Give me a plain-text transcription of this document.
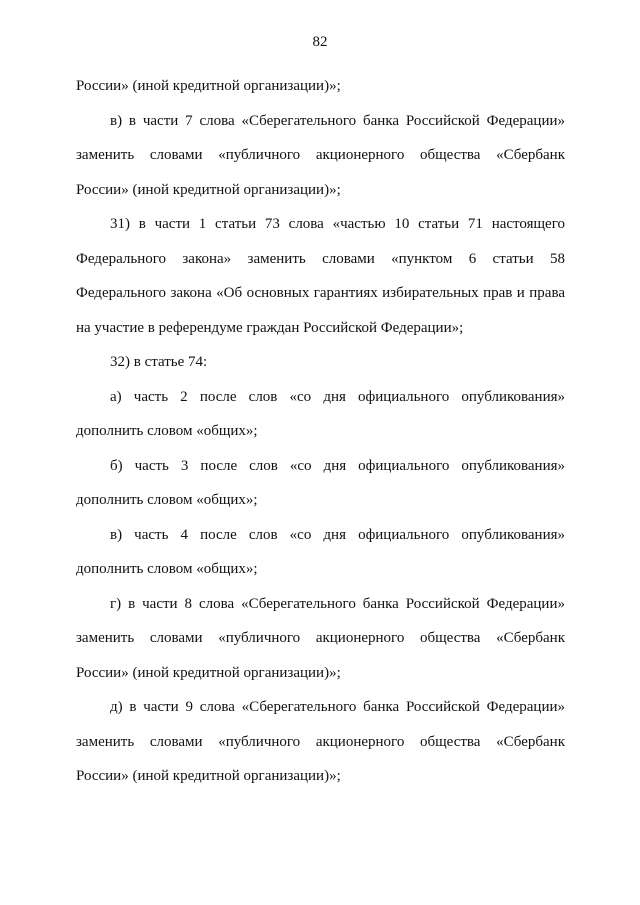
82
России» (иной кредитной организации)»;
в) в части 7 слова «Сберегательного банка Российской Федерации»
заменить словами «публичного акционерного общества «Сбербанк
России» (иной кредитной организации)»;
31) в части 1 статьи 73 слова «частью 10 статьи 71 настоящего
Федерального закона» заменить словами «пунктом 6 статьи 58
Федерального закона «Об основных гарантиях избирательных прав и права
на участие в референдуме граждан Российской Федерации»;
32) в статье 74:
а) часть 2 после слов «со дня официального опубликования»
дополнить словом «общих»;
б) часть 3 после слов «со дня официального опубликования»
дополнить словом «общих»;
в) часть 4 после слов «со дня официального опубликования»
дополнить словом «общих»;
г) в части 8 слова «Сберегательного банка Российской Федерации»
заменить словами «публичного акционерного общества «Сбербанк
России» (иной кредитной организации)»;
д) в части 9 слова «Сберегательного банка Российской Федерации»
заменить словами «публичного акционерного общества «Сбербанк
России» (иной кредитной организации)»;
